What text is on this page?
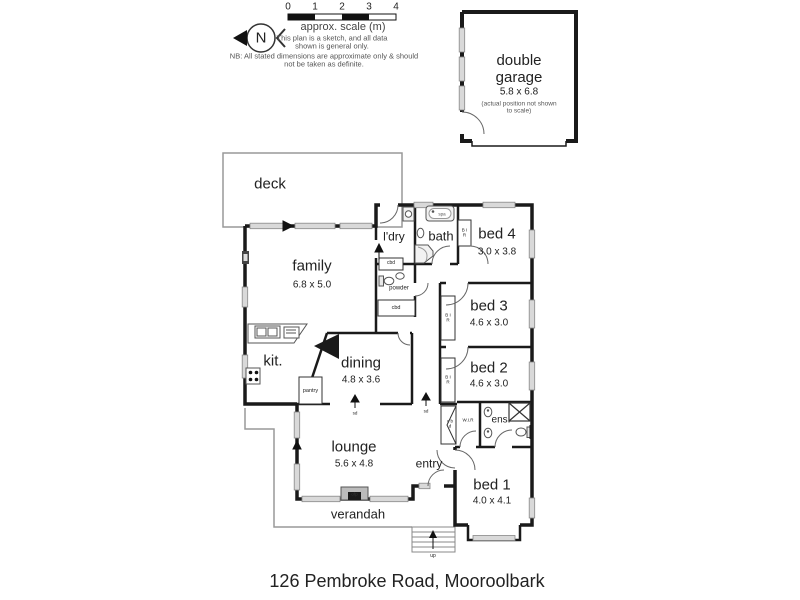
N
0 1 2 3 4
approx. scale (m)
This plan is a sketch, and all data shown is general only.
NB: All stated dimensions are approximate only & should not be taken as definite.	double garage
5.8 x 6.8
(actual position not shown to scale)
deck
family
6.8 x 5.0
l'dry bath
spa
bed 4
3.0 x 3.8
bed 3
4.6 x 3.0
bed 2
4.6 x 3.0
kit.	dining
4.8 x 3.6
lounge
5.6 x 4.8	entry
bed 1
4.0 x 4.1
ens.
W.I.R
powder
pantry
verandah
cbd
cbd
c b d
B I R
B I R
B I R
sd	sd
up
ofp
126 Pembroke Road, Mooroolbark
